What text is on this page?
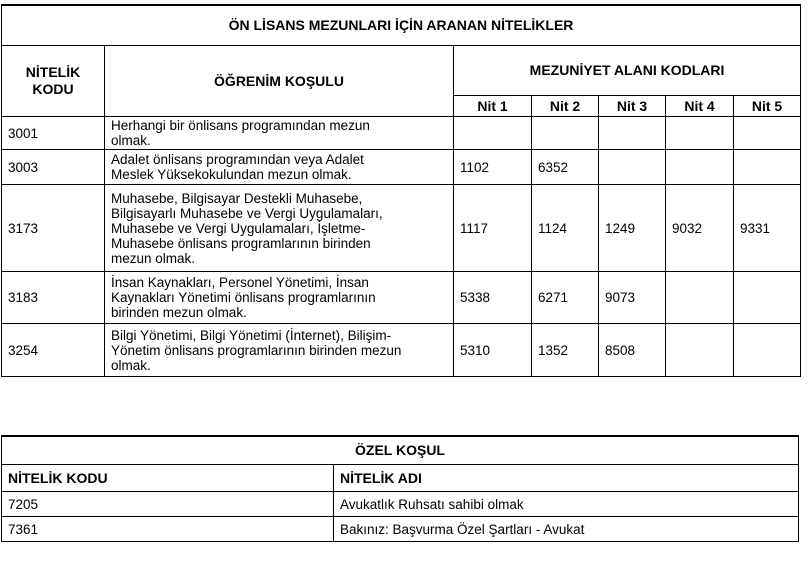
ÖN LİSANS MEZUNLARI İÇİN ARANAN NİTELİKLER						
NİTELİK
KODU	ÖĞRENİM KOŞULU	MEZUNİYET ALANI KODLARI				
		Nit 1	Nit 2	Nit 3	Nit 4	Nit 5
3001	Herhangi bir önlisans programından mezun
olmak.					
3003	Adalet önlisans programından veya Adalet
Meslek Yüksekokulundan mezun olmak.	1102	6352			
3173	Muhasebe, Bilgisayar Destekli Muhasebe,
Bilgisayarlı Muhasebe ve Vergi Uygulamaları,
Muhasebe ve Vergi Uygulamaları, İşletme-
Muhasebe önlisans programlarının birinden
mezun olmak.	1117	1124	1249	9032	9331
3183	İnsan Kaynakları, Personel Yönetimi, İnsan
Kaynakları Yönetimi önlisans programlarının
birinden mezun olmak.	5338	6271	9073		
3254	Bilgi Yönetimi, Bilgi Yönetimi (İnternet), Bilişim-
Yönetim önlisans programlarının birinden mezun
olmak.	5310	1352	8508		
ÖZEL KOŞUL	
NİTELİK KODU	NİTELİK ADI
7205	Avukatlık Ruhsatı sahibi olmak
7361	Bakınız: Başvurma Özel Şartları - Avukat
